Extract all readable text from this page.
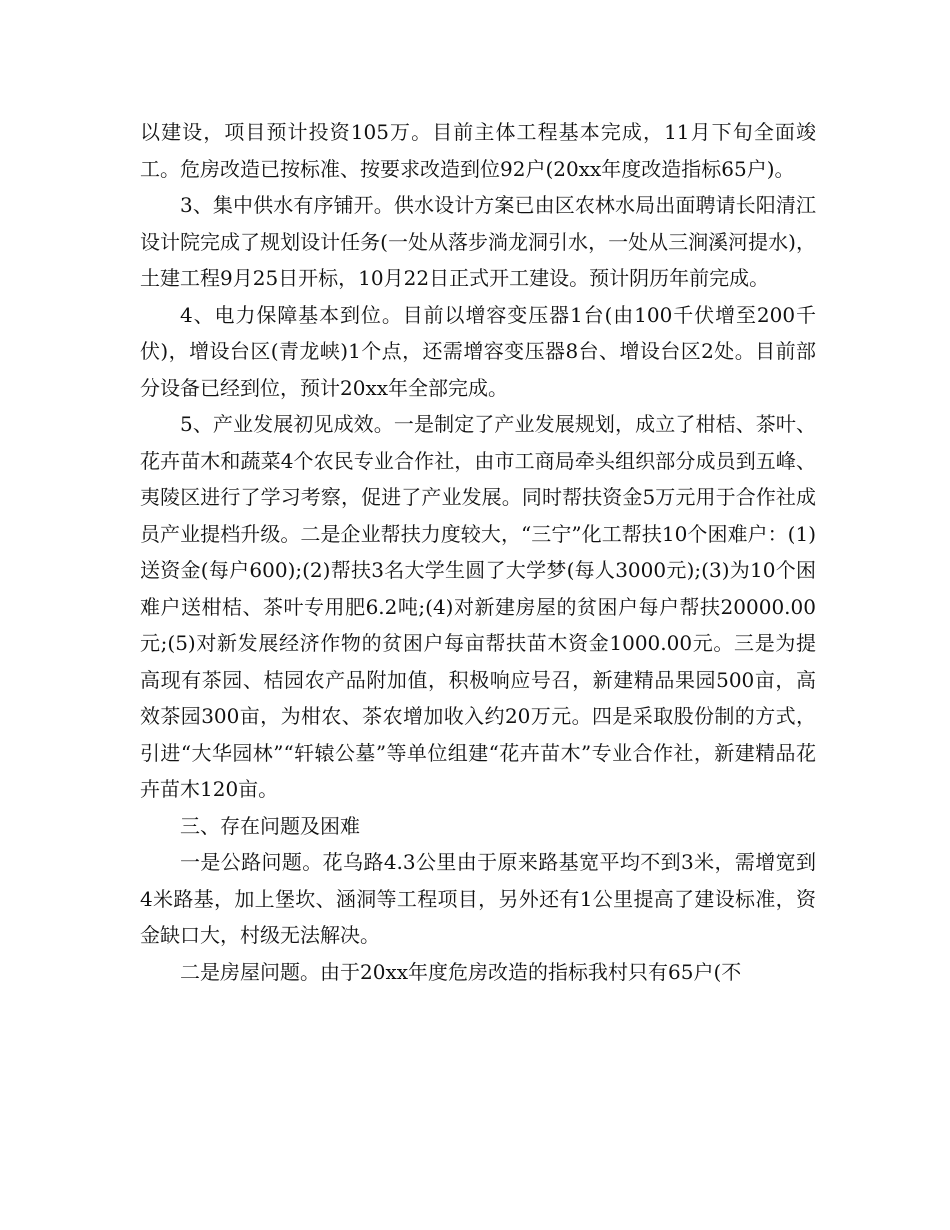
以建设，项目预计投资105万。目前主体工程基本完成，11月下旬全面竣工。危房改造已按标准、按要求改造到位92户(20xx年度改造指标65户)。

3、集中供水有序铺开。供水设计方案已由区农林水局出面聘请长阳清江设计院完成了规划设计任务(一处从落步淌龙洞引水，一处从三涧溪河提水)，土建工程9月25日开标，10月22日正式开工建设。预计阴历年前完成。

4、电力保障基本到位。目前以增容变压器1台(由100千伏增至200千伏)，增设台区(青龙峡)1个点，还需增容变压器8台、增设台区2处。目前部分设备已经到位，预计20xx年全部完成。

5、产业发展初见成效。一是制定了产业发展规划，成立了柑桔、茶叶、花卉苗木和蔬菜4个农民专业合作社，由市工商局牵头组织部分成员到五峰、夷陵区进行了学习考察，促进了产业发展。同时帮扶资金5万元用于合作社成员产业提档升级。二是企业帮扶力度较大，“三宁”化工帮扶10个困难户：(1)送资金(每户600);(2)帮扶3名大学生圆了大学梦(每人3000元);(3)为10个困难户送柑桔、茶叶专用肥6.2吨;(4)对新建房屋的贫困户每户帮扶20000.00元;(5)对新发展经济作物的贫困户每亩帮扶苗木资金1000.00元。三是为提高现有茶园、桔园农产品附加值，积极响应号召，新建精品果园500亩，高效茶园300亩，为柑农、茶农增加收入约20万元。四是采取股份制的方式，引进“大华园林”“轩辕公墓”等单位组建“花卉苗木”专业合作社，新建精品花卉苗木120亩。

三、存在问题及困难

一是公路问题。花乌路4.3公里由于原来路基宽平均不到3米，需增宽到4米路基，加上堡坎、涵洞等工程项目，另外还有1公里提高了建设标准，资金缺口大，村级无法解决。

二是房屋问题。由于20xx年度危房改造的指标我村只有65户(不
